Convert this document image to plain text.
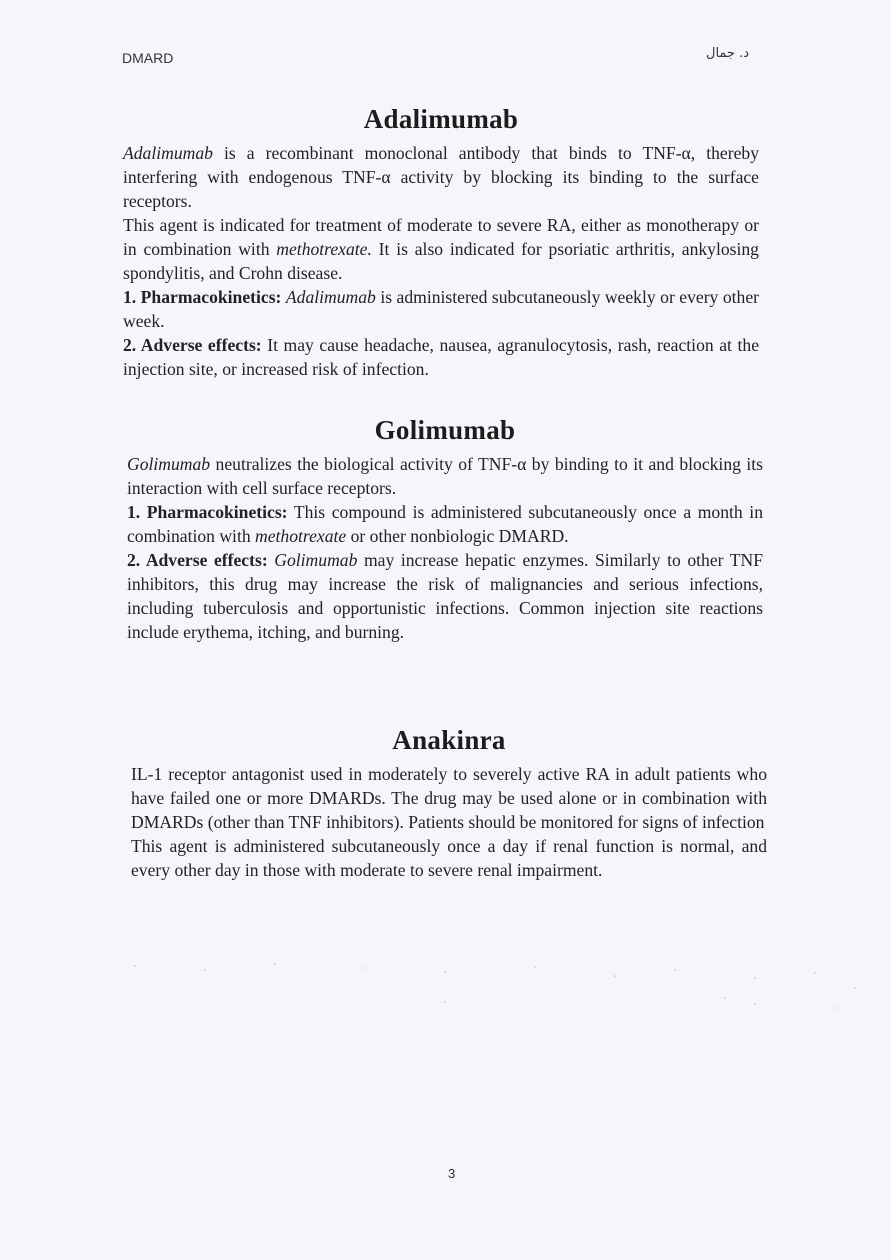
DMARD	د. جمال
Adalimumab

Adalimumab is a recombinant monoclonal antibody that binds to TNF-α, thereby interfering with endogenous TNF-α activity by blocking its binding to the surface receptors.

This agent is indicated for treatment of moderate to severe RA, either as monotherapy or in combination with methotrexate. It is also indicated for psoriatic arthritis, ankylosing spondylitis, and Crohn disease.

1. Pharmacokinetics: Adalimumab is administered subcutaneously weekly or every other week.

2. Adverse effects: It may cause headache, nausea, agranulocytosis, rash, reaction at the injection site, or increased risk of infection.

Golimumab

Golimumab neutralizes the biological activity of TNF-α by binding to it and blocking its interaction with cell surface receptors.

1. Pharmacokinetics: This compound is administered subcutaneously once a month in combination with methotrexate or other nonbiologic DMARD.

2. Adverse effects: Golimumab may increase hepatic enzymes. Similarly to other TNF inhibitors, this drug may increase the risk of malignancies and serious infections, including tuberculosis and opportunistic infections. Common injection site reactions include erythema, itching, and burning.

Anakinra

IL-1 receptor antagonist used in moderately to severely active RA in adult patients who have failed one or more DMARDs. The drug may be used alone or in combination with DMARDs (other than TNF inhibitors). Patients should be monitored for signs of infection

This agent is administered subcutaneously once a day if renal function is normal, and every other day in those with moderate to severe renal impairment.

3
